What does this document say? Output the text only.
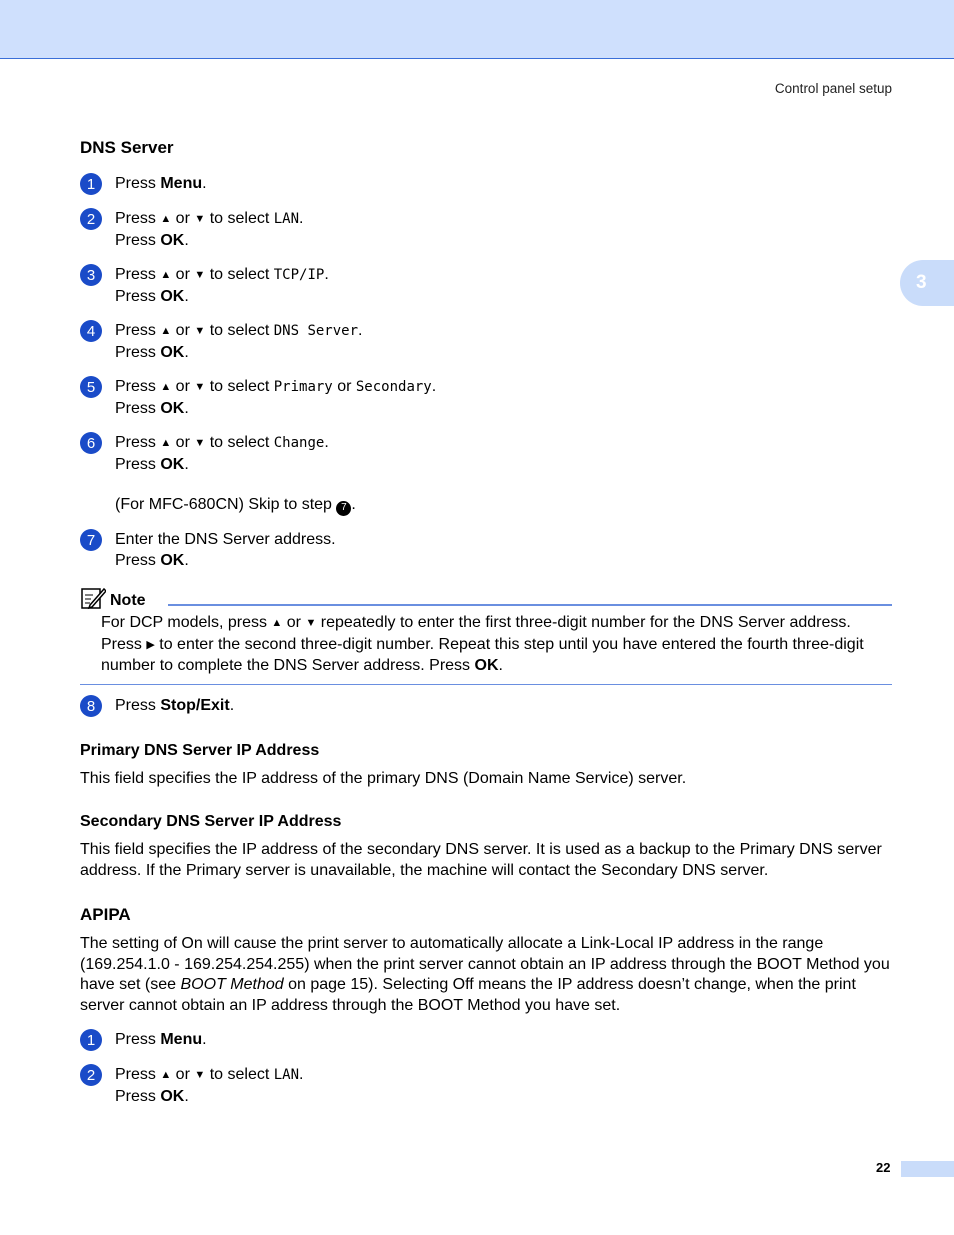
Control panel setup
3
DNS Server
1	Press Menu.
2	Press ▲ or ▼ to select LAN.
Press OK.
3	Press ▲ or ▼ to select TCP/IP.
Press OK.
4	Press ▲ or ▼ to select DNS Server.
Press OK.
5	Press ▲ or ▼ to select Primary or Secondary.
Press OK.
6	Press ▲ or ▼ to select Change.
Press OK.
(For MFC-680CN) Skip to step 7 .
7	Enter the DNS Server address.
Press OK.
Note
For DCP models, press ▲ or ▼ repeatedly to enter the first three-digit number for the DNS Server address. Press ▶ to enter the second three-digit number. Repeat this step until you have entered the fourth three-digit number to complete the DNS Server address. Press OK.
8	Press Stop/Exit.
Primary DNS Server IP Address
This field specifies the IP address of the primary DNS (Domain Name Service) server.
Secondary DNS Server IP Address
This field specifies the IP address of the secondary DNS server. It is used as a backup to the Primary DNS server address. If the Primary server is unavailable, the machine will contact the Secondary DNS server.
APIPA
The setting of On will cause the print server to automatically allocate a Link-Local IP address in the range (169.254.1.0 - 169.254.254.255) when the print server cannot obtain an IP address through the BOOT Method you have set (see BOOT Method on page 15). Selecting Off means the IP address doesn’t change, when the print server cannot obtain an IP address through the BOOT Method you have set.
1	Press Menu.
2	Press ▲ or ▼ to select LAN.
Press OK.
22
